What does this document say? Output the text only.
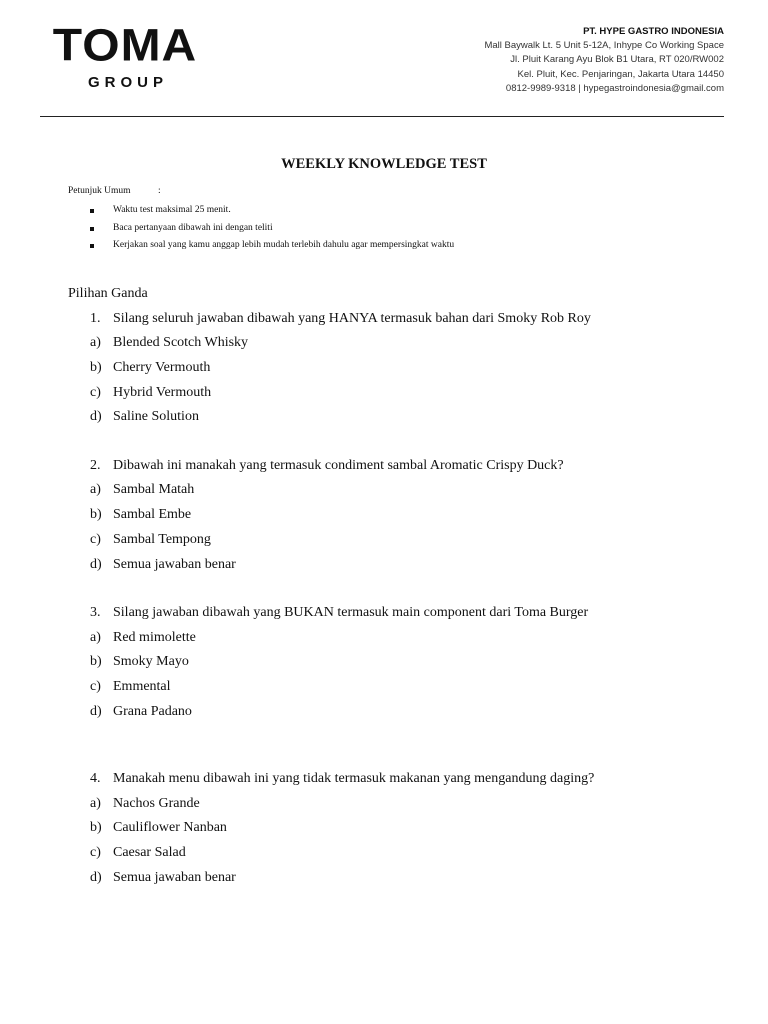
TOMA
GROUP
PT. HYPE GASTRO INDONESIA
Mall Baywalk Lt. 5 Unit 5-12A, Inhype Co Working Space
Jl. Pluit Karang Ayu Blok B1 Utara, RT 020/RW002
Kel. Pluit, Kec. Penjaringan, Jakarta Utara 14450
0812-9989-9318 | hypegastroindonesia@gmail.com
WEEKLY KNOWLEDGE TEST
Petunjuk Umum	:
Waktu test maksimal 25 menit.
Baca pertanyaan dibawah ini dengan teliti
Kerjakan soal yang kamu anggap lebih mudah terlebih dahulu agar mempersingkat waktu
Pilihan Ganda
1. Silang seluruh jawaban dibawah yang HANYA termasuk bahan dari Smoky Rob Roy
a) Blended Scotch Whisky
b) Cherry Vermouth
c) Hybrid Vermouth
d) Saline Solution
2. Dibawah ini manakah yang termasuk condiment sambal Aromatic Crispy Duck?
a) Sambal Matah
b) Sambal Embe
c) Sambal Tempong
d) Semua jawaban benar
3. Silang jawaban dibawah yang BUKAN termasuk main component dari Toma Burger
a) Red mimolette
b) Smoky Mayo
c) Emmental
d) Grana Padano
4. Manakah menu dibawah ini yang tidak termasuk makanan yang mengandung daging?
a) Nachos Grande
b) Cauliflower Nanban
c) Caesar Salad
d) Semua jawaban benar
